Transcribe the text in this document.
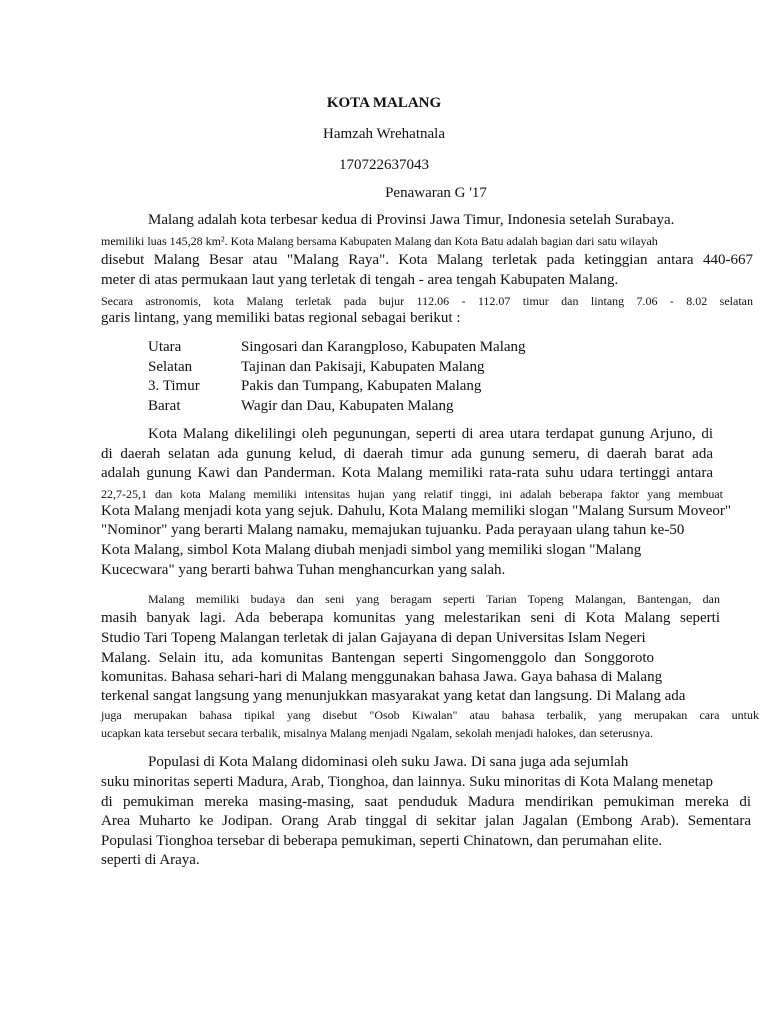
KOTA MALANG
Hamzah Wrehatnala
170722637043
Penawaran G '17
Malang adalah kota terbesar kedua di Provinsi Jawa Timur, Indonesia setelah Surabaya.
memiliki luas 145,28 km². Kota Malang bersama Kabupaten Malang dan Kota Batu adalah bagian dari satu wilayah
disebut Malang Besar atau "Malang Raya". Kota Malang terletak pada ketinggian antara 440-667
meter di atas permukaan laut yang terletak di tengah - area tengah Kabupaten Malang.
Secara astronomis, kota Malang terletak pada bujur 112.06 - 112.07 timur dan lintang 7.06 - 8.02 selatan
garis lintang, yang memiliki batas regional sebagai berikut :
Utara	Singosari dan Karangploso, Kabupaten Malang
Selatan	Tajinan dan Pakisaji, Kabupaten Malang
3. Timur	Pakis dan Tumpang, Kabupaten Malang
Barat	Wagir dan Dau, Kabupaten Malang
Kota Malang dikelilingi oleh pegunungan, seperti di area utara terdapat gunung Arjuno, di
di daerah selatan ada gunung kelud, di daerah timur ada gunung semeru, di daerah barat ada
adalah gunung Kawi dan Panderman. Kota Malang memiliki rata-rata suhu udara tertinggi antara
22,7-25,1 dan kota Malang memiliki intensitas hujan yang relatif tinggi, ini adalah beberapa faktor yang membuat
Kota Malang menjadi kota yang sejuk. Dahulu, Kota Malang memiliki slogan "Malang Sursum Moveor"
"Nominor" yang berarti Malang namaku, memajukan tujuanku. Pada perayaan ulang tahun ke-50
Kota Malang, simbol Kota Malang diubah menjadi simbol yang memiliki slogan "Malang
Kucecwara" yang berarti bahwa Tuhan menghancurkan yang salah.
Malang memiliki budaya dan seni yang beragam seperti Tarian Topeng Malangan, Bantengan, dan
masih banyak lagi. Ada beberapa komunitas yang melestarikan seni di Kota Malang seperti
Studio Tari Topeng Malangan terletak di jalan Gajayana di depan Universitas Islam Negeri
Malang. Selain itu, ada komunitas Bantengan seperti Singomenggolo dan Songgoroto
komunitas. Bahasa sehari-hari di Malang menggunakan bahasa Jawa. Gaya bahasa di Malang
terkenal sangat langsung yang menunjukkan masyarakat yang ketat dan langsung. Di Malang ada
juga merupakan bahasa tipikal yang disebut "Osob Kiwalan" atau bahasa terbalik, yang merupakan cara untuk
ucapkan kata tersebut secara terbalik, misalnya Malang menjadi Ngalam, sekolah menjadi halokes, dan seterusnya.
Populasi di Kota Malang didominasi oleh suku Jawa. Di sana juga ada sejumlah
suku minoritas seperti Madura, Arab, Tionghoa, dan lainnya. Suku minoritas di Kota Malang menetap
di pemukiman mereka masing-masing, saat penduduk Madura mendirikan pemukiman mereka di
Area Muharto ke Jodipan. Orang Arab tinggal di sekitar jalan Jagalan (Embong Arab). Sementara
Populasi Tionghoa tersebar di beberapa pemukiman, seperti Chinatown, dan perumahan elite.
seperti di Araya.
